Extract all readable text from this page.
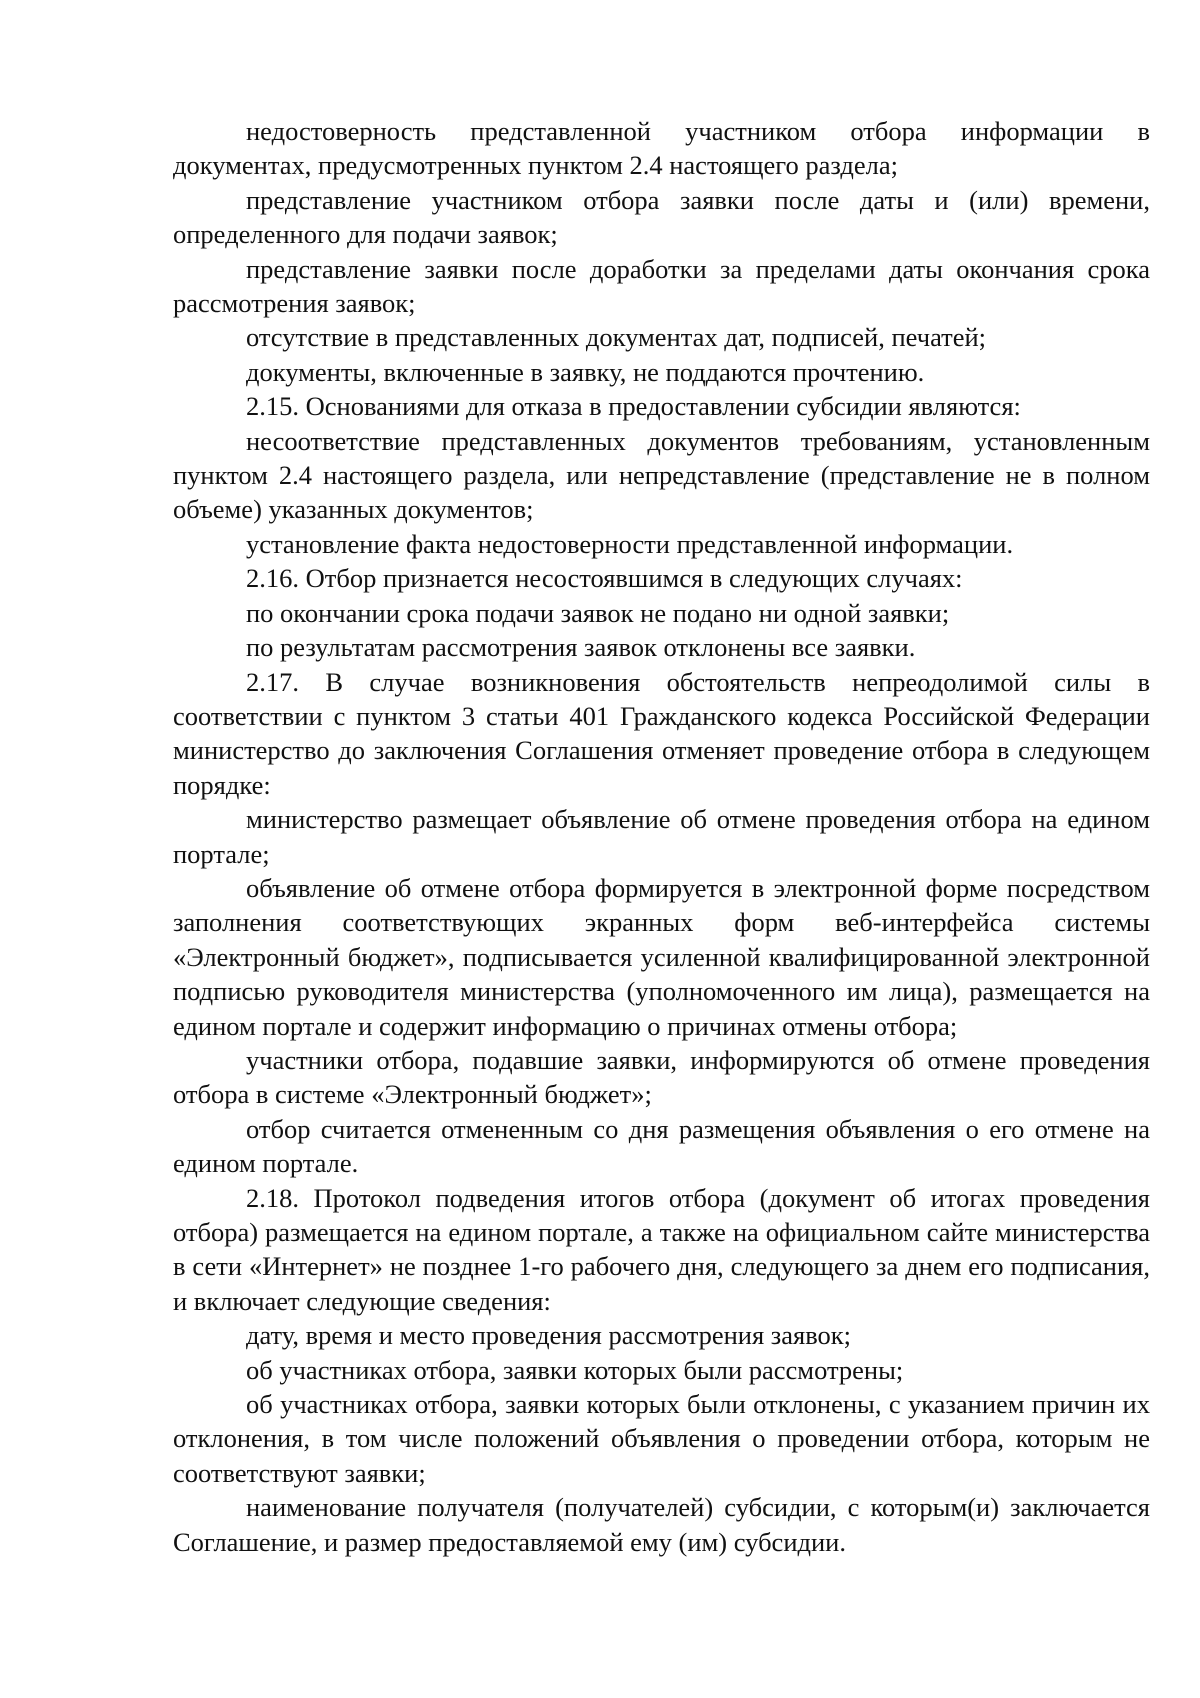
недостоверность представленной участником отбора информации в документах, предусмотренных пунктом 2.4 настоящего раздела;

представление участником отбора заявки после даты и (или) времени, определенного для подачи заявок;

представление заявки после доработки за пределами даты окончания срока рассмотрения заявок;

отсутствие в представленных документах дат, подписей, печатей;

документы, включенные в заявку, не поддаются прочтению.

2.15. Основаниями для отказа в предоставлении субсидии являются:

несоответствие представленных документов требованиям, установленным пунктом 2.4 настоящего раздела, или непредставление (представление не в полном объеме) указанных документов;

установление факта недостоверности представленной информации.

2.16. Отбор признается несостоявшимся в следующих случаях:

по окончании срока подачи заявок не подано ни одной заявки;

по результатам рассмотрения заявок отклонены все заявки.

2.17. В случае возникновения обстоятельств непреодолимой силы в соответствии с пунктом 3 статьи 401 Гражданского кодекса Российской Федерации министерство до заключения Соглашения отменяет проведение отбора в следующем порядке:

министерство размещает объявление об отмене проведения отбора на едином портале;

объявление об отмене отбора формируется в электронной форме посредством заполнения соответствующих экранных форм веб-интерфейса системы «Электронный бюджет», подписывается усиленной квалифицированной электронной подписью руководителя министерства (уполномоченного им лица), размещается на едином портале и содержит информацию о причинах отмены отбора;

участники отбора, подавшие заявки, информируются об отмене проведения отбора в системе «Электронный бюджет»;

отбор считается отмененным со дня размещения объявления о его отмене на едином портале.

2.18. Протокол подведения итогов отбора (документ об итогах проведения отбора) размещается на едином портале, а также на официальном сайте министерства в сети «Интернет» не позднее 1-го рабочего дня, следующего за днем его подписания, и включает следующие сведения:

дату, время и место проведения рассмотрения заявок;

об участниках отбора, заявки которых были рассмотрены;

об участниках отбора, заявки которых были отклонены, с указанием причин их отклонения, в том числе положений объявления о проведении отбора, которым не соответствуют заявки;

наименование получателя (получателей) субсидии, с которым(и) заключается Соглашение, и размер предоставляемой ему (им) субсидии.
